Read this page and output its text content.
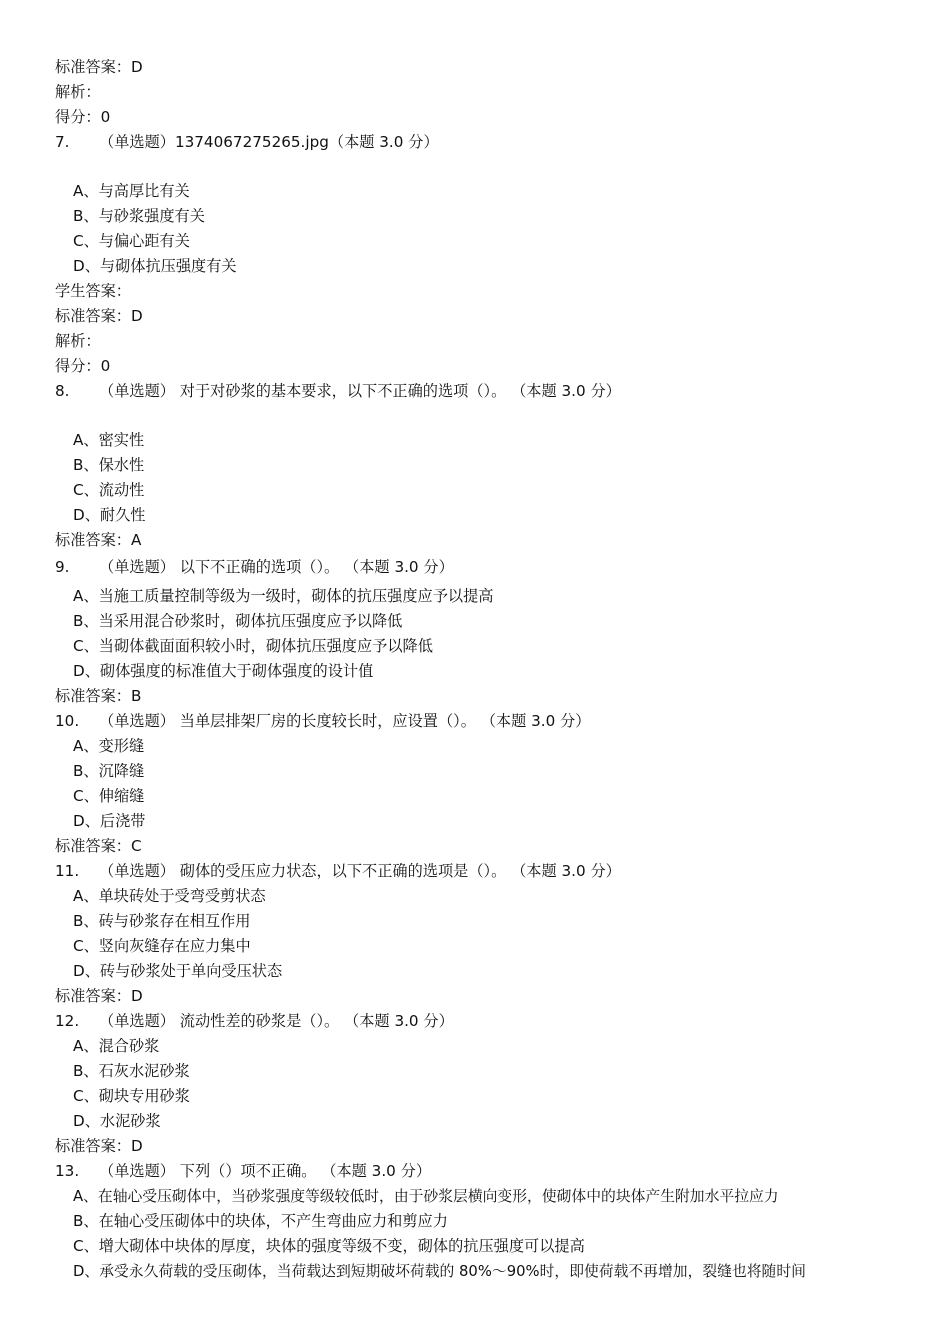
标准答案：D
解析：
得分：0
7. （单选题）1374067275265.jpg（本题 3.0 分）
A、与高厚比有关
B、与砂浆强度有关
C、与偏心距有关
D、与砌体抗压强度有关
学生答案：
标准答案：D
解析：
得分：0
8. （单选题） 对于对砂浆的基本要求，以下不正确的选项（）。 （本题 3.0 分）
A、密实性
B、保水性
C、流动性
D、耐久性
标准答案：A
9. （单选题） 以下不正确的选项（）。 （本题 3.0 分）
A、当施工质量控制等级为一级时，砌体的抗压强度应予以提高
B、当采用混合砂浆时，砌体抗压强度应予以降低
C、当砌体截面面积较小时，砌体抗压强度应予以降低
D、砌体强度的标准值大于砌体强度的设计值
标准答案：B
10. （单选题） 当单层排架厂房的长度较长时，应设置（）。 （本题 3.0 分）
A、变形缝
B、沉降缝
C、伸缩缝
D、后浇带
标准答案：C
11. （单选题） 砌体的受压应力状态，以下不正确的选项是（）。 （本题 3.0 分）
A、单块砖处于受弯受剪状态
B、砖与砂浆存在相互作用
C、竖向灰缝存在应力集中
D、砖与砂浆处于单向受压状态
标准答案：D
12. （单选题） 流动性差的砂浆是（）。 （本题 3.0 分）
A、混合砂浆
B、石灰水泥砂浆
C、砌块专用砂浆
D、水泥砂浆
标准答案：D
13. （单选题） 下列（）项不正确。 （本题 3.0 分）
A、在轴心受压砌体中，当砂浆强度等级较低时，由于砂浆层横向变形，使砌体中的块体产生附加水平拉应力
B、在轴心受压砌体中的块体，不产生弯曲应力和剪应力
C、增大砌体中块体的厚度，块体的强度等级不变，砌体的抗压强度可以提高
D、承受永久荷载的受压砌体，当荷载达到短期破坏荷载的 80%～90%时，即使荷载不再增加，裂缝也将随时间
